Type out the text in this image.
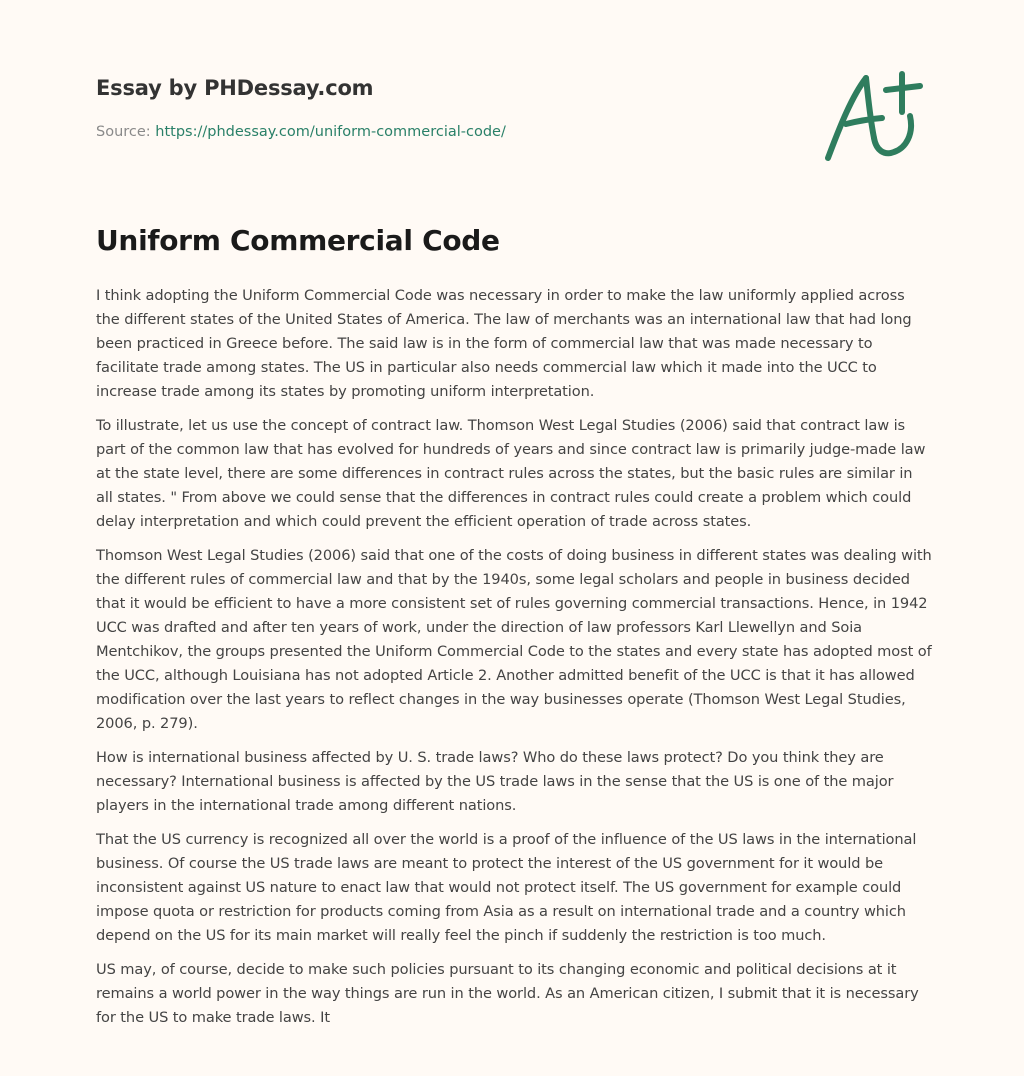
Essay by PHDessay.com
Source: https://phdessay.com/uniform-commercial-code/
Uniform Commercial Code

I think adopting the Uniform Commercial Code was necessary in order to make the law uniformly applied across the different states of the United States of America. The law of merchants was an international law that had long been practiced in Greece before. The said law is in the form of commercial law that was made necessary to facilitate trade among states. The US in particular also needs commercial law which it made into the UCC to increase trade among its states by promoting uniform interpretation.

To illustrate, let us use the concept of contract law. Thomson West Legal Studies (2006) said that contract law is part of the common law that has evolved for hundreds of years and since contract law is primarily judge-made law at the state level, there are some differences in contract rules across the states, but the basic rules are similar in all states. " From above we could sense that the differences in contract rules could create a problem which could delay interpretation and which could prevent the efficient operation of trade across states.

Thomson West Legal Studies (2006) said that one of the costs of doing business in different states was dealing with the different rules of commercial law and that by the 1940s, some legal scholars and people in business decided that it would be efficient to have a more consistent set of rules governing commercial transactions. Hence, in 1942 UCC was drafted and after ten years of work, under the direction of law professors Karl Llewellyn and Soia Mentchikov, the groups presented the Uniform Commercial Code to the states and every state has adopted most of the UCC, although Louisiana has not adopted Article 2. Another admitted benefit of the UCC is that it has allowed modification over the last years to reflect changes in the way businesses operate (Thomson West Legal Studies, 2006, p. 279).

How is international business affected by U. S. trade laws? Who do these laws protect? Do you think they are necessary? International business is affected by the US trade laws in the sense that the US is one of the major players in the international trade among different nations.

That the US currency is recognized all over the world is a proof of the influence of the US laws in the international business. Of course the US trade laws are meant to protect the interest of the US government for it would be inconsistent against US nature to enact law that would not protect itself. The US government for example could impose quota or restriction for products coming from Asia as a result on international trade and a country which depend on the US for its main market will really feel the pinch if suddenly the restriction is too much.

US may, of course, decide to make such policies pursuant to its changing economic and political decisions at it remains a world power in the way things are run in the world. As an American citizen, I submit that it is necessary for the US to make trade laws. It
